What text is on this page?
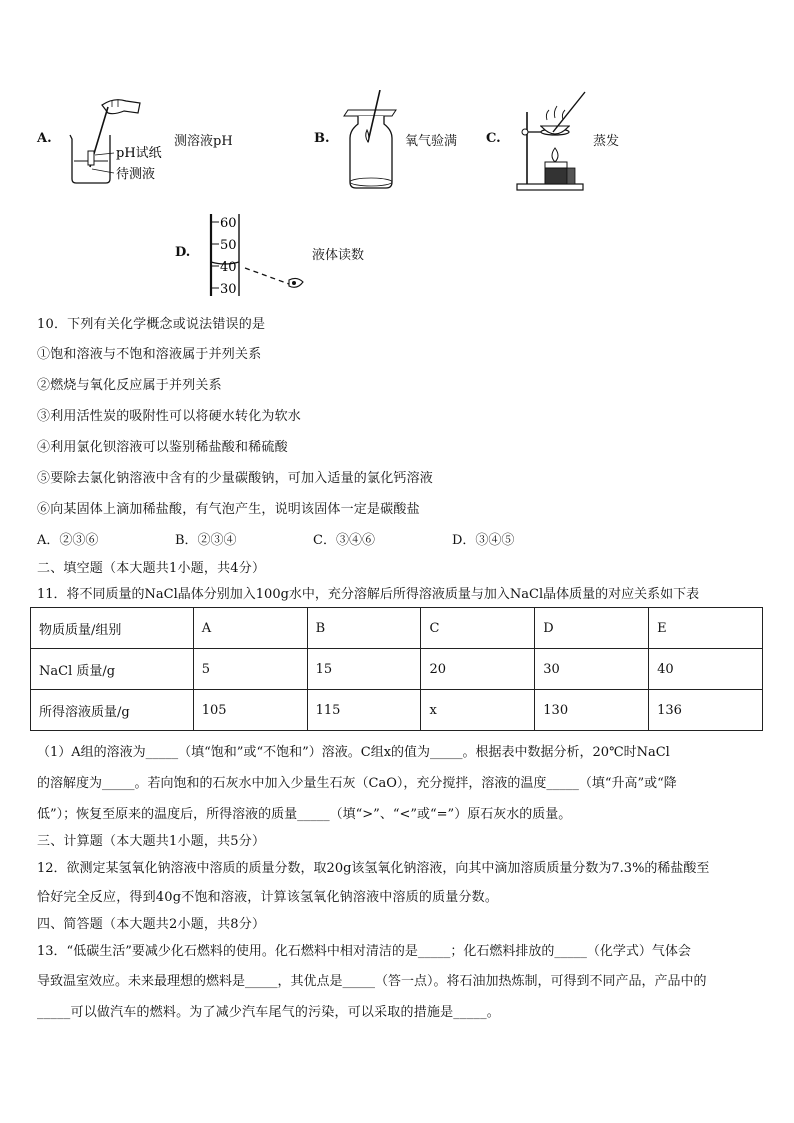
A.
pH试纸
待测液
测溶液pH	B.	氧气验满 C.	蒸发
D.
60
50
40
30
液体读数
10．下列有关化学概念或说法错误的是
①饱和溶液与不饱和溶液属于并列关系
②燃烧与氧化反应属于并列关系
③利用活性炭的吸附性可以将硬水转化为软水
④利用氯化钡溶液可以鉴别稀盐酸和稀硫酸
⑤要除去氯化钠溶液中含有的少量碳酸钠，可加入适量的氯化钙溶液
⑥向某固体上滴加稀盐酸，有气泡产生，说明该固体一定是碳酸盐
A．②③⑥	B．②③④	C．③④⑥	D．③④⑤
二、填空题（本大题共1小题，共4分）
11．将不同质量的NaCl晶体分别加入100g水中，充分溶解后所得溶液质量与加入NaCl晶体质量的对应关系如下表
物质质量/组别	A	B	C	D	E
NaCl 质量/g	5	15	20	30	40
所得溶液质量/g	105	115	x	130	136
（1）A组的溶液为_____（填“饱和”或“不饱和”）溶液。C组x的值为_____。根据表中数据分析，20℃时NaCl
的溶解度为_____。若向饱和的石灰水中加入少量生石灰（CaO），充分搅拌，溶液的温度_____（填“升高”或“降
低”）；恢复至原来的温度后，所得溶液的质量_____（填“>”、“<”或“=”）原石灰水的质量。
三、计算题（本大题共1小题，共5分）
12．欲测定某氢氧化钠溶液中溶质的质量分数，取20g该氢氧化钠溶液，向其中滴加溶质质量分数为7.3%的稀盐酸至
恰好完全反应，得到40g不饱和溶液，计算该氢氧化钠溶液中溶质的质量分数。
四、简答题（本大题共2小题，共8分）
13．“低碳生活”要减少化石燃料的使用。化石燃料中相对清洁的是_____；化石燃料排放的_____（化学式）气体会
导致温室效应。未来最理想的燃料是_____，其优点是_____（答一点）。将石油加热炼制，可得到不同产品，产品中的
_____可以做汽车的燃料。为了减少汽车尾气的污染，可以采取的措施是_____。
